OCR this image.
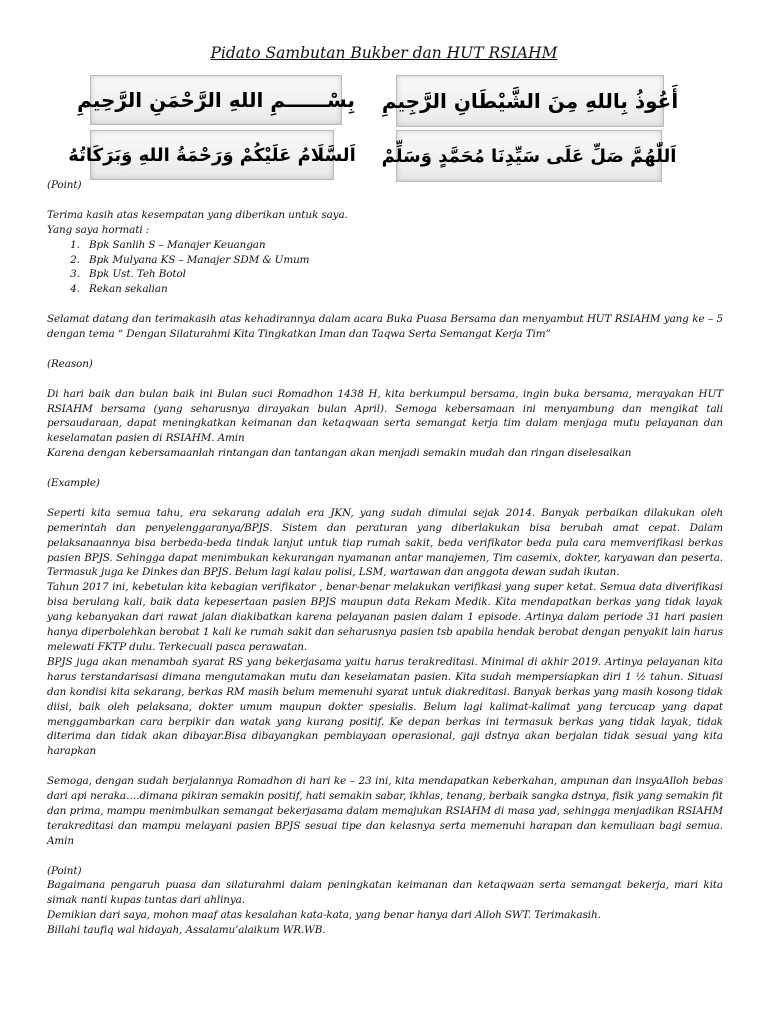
Pidato Sambutan Bukber dan HUT RSIAHM
بِسْــــــمِ اللهِ الرَّحْمَنِ الرَّحِيمِ أَعُوذُ بِاللهِ مِنَ الشَّيْطَانِ الرَّجِيمِ
اَلسَّلَامُ عَلَيْكُمْ وَرَحْمَةُ اللهِ وَبَرَكَاتُهُ اَللّٰهُمَّ صَلِّ عَلَى سَيِّدِنَا مُحَمَّدٍ وَسَلِّمْ

(Point)

Terima kasih atas kesempatan yang diberikan untuk saya.

Yang saya hormati :

1. Bpk Sanlih S – Manajer Keuangan
2. Bpk Mulyana KS – Manajer SDM & Umum
3. Bpk Ust. Teh Botol
4. Rekan sekalian

Selamat datang dan terimakasih atas kehadirannya dalam acara Buka Puasa Bersama dan menyambut HUT RSIAHM yang ke – 5 dengan tema “ Dengan Silaturahmi Kita Tingkatkan Iman dan Taqwa Serta Semangat Kerja Tim”

(Reason)

Di hari baik dan bulan baik ini Bulan suci Romadhon 1438 H, kita berkumpul bersama, ingin buka bersama, merayakan HUT RSIAHM bersama (yang seharusnya dirayakan bulan April). Semoga kebersamaan ini menyambung dan mengikat tali persaudaraan, dapat meningkatkan keimanan dan ketaqwaan serta semangat kerja tim dalam menjaga mutu pelayanan dan keselamatan pasien di RSIAHM. Amin

Karena dengan kebersamaanlah rintangan dan tantangan akan menjadi semakin mudah dan ringan diselesaikan

(Example)

Seperti kita semua tahu, era sekarang adalah era JKN, yang sudah dimulai sejak 2014. Banyak perbaikan dilakukan oleh pemerintah dan penyelenggaranya/BPJS. Sistem dan peraturan yang diberlakukan bisa berubah amat cepat. Dalam pelaksanaannya bisa berbeda-beda tindak lanjut untuk tiap rumah sakit, beda verifikator beda pula cara memverifikasi berkas pasien BPJS. Sehingga dapat menimbukan kekurangan nyamanan antar manajemen, Tim casemix, dokter, karyawan dan peserta. Termasuk juga ke Dinkes dan BPJS. Belum lagi kalau polisi, LSM, wartawan dan anggota dewan sudah ikutan.

Tahun 2017 ini, kebetulan kita kebagian verifikator , benar-benar melakukan verifikasi yang super ketat. Semua data diverifikasi bisa berulang kali, baik data kepesertaan pasien BPJS maupun data Rekam Medik. Kita mendapatkan berkas yang tidak layak yang kebanyakan dari rawat jalan diakibatkan karena pelayanan pasien dalam 1 episode. Artinya dalam periode 31 hari pasien hanya diperbolehkan berobat 1 kali ke rumah sakit dan seharusnya pasien tsb apabila hendak berobat dengan penyakit lain harus melewati FKTP dulu. Terkecuali pasca perawatan.

BPJS juga akan menambah syarat RS yang bekerjasama yaitu harus terakreditasi. Minimal di akhir 2019. Artinya pelayanan kita harus terstandarisasi dimana mengutamakan mutu dan keselamatan pasien. Kita sudah mempersiapkan diri 1 ½ tahun. Situasi dan kondisi kita sekarang, berkas RM masih belum memenuhi syarat untuk diakreditasi. Banyak berkas yang masih kosong tidak diisi, baik oleh pelaksana, dokter umum maupun dokter spesialis. Belum lagi kalimat-kalimat yang tercucap yang dapat menggambarkan cara berpikir dan watak yang kurang positif. Ke depan berkas ini termasuk berkas yang tidak layak, tidak diterima dan tidak akan dibayar.Bisa dibayangkan pembiayaan operasional, gaji dstnya akan berjalan tidak sesuai yang kita harapkan

Semoga, dengan sudah berjalannya Romadhon di hari ke – 23 ini, kita mendapatkan keberkahan, ampunan dan insyaAlloh bebas dari api neraka….dimana pikiran semakin positif, hati semakin sabar, ikhlas, tenang, berbaik sangka dstnya, fisik yang semakin fit dan prima, mampu menimbulkan semangat bekerjasama dalam memajukan RSIAHM di masa yad, sehingga menjadikan RSIAHM terakreditasi dan mampu melayani pasien BPJS sesuai tipe dan kelasnya serta memenuhi harapan dan kemuliaan bagi semua. Amin

(Point)

Bagaimana pengaruh puasa dan silaturahmi dalam peningkatan keimanan dan ketaqwaan serta semangat bekerja, mari kita simak nanti kupas tuntas dari ahlinya.

Demikian dari saya, mohon maaf atas kesalahan kata-kata, yang benar hanya dari Alloh SWT. Terimakasih.

Billahi taufiq wal hidayah, Assalamu’alaikum WR.WB.
